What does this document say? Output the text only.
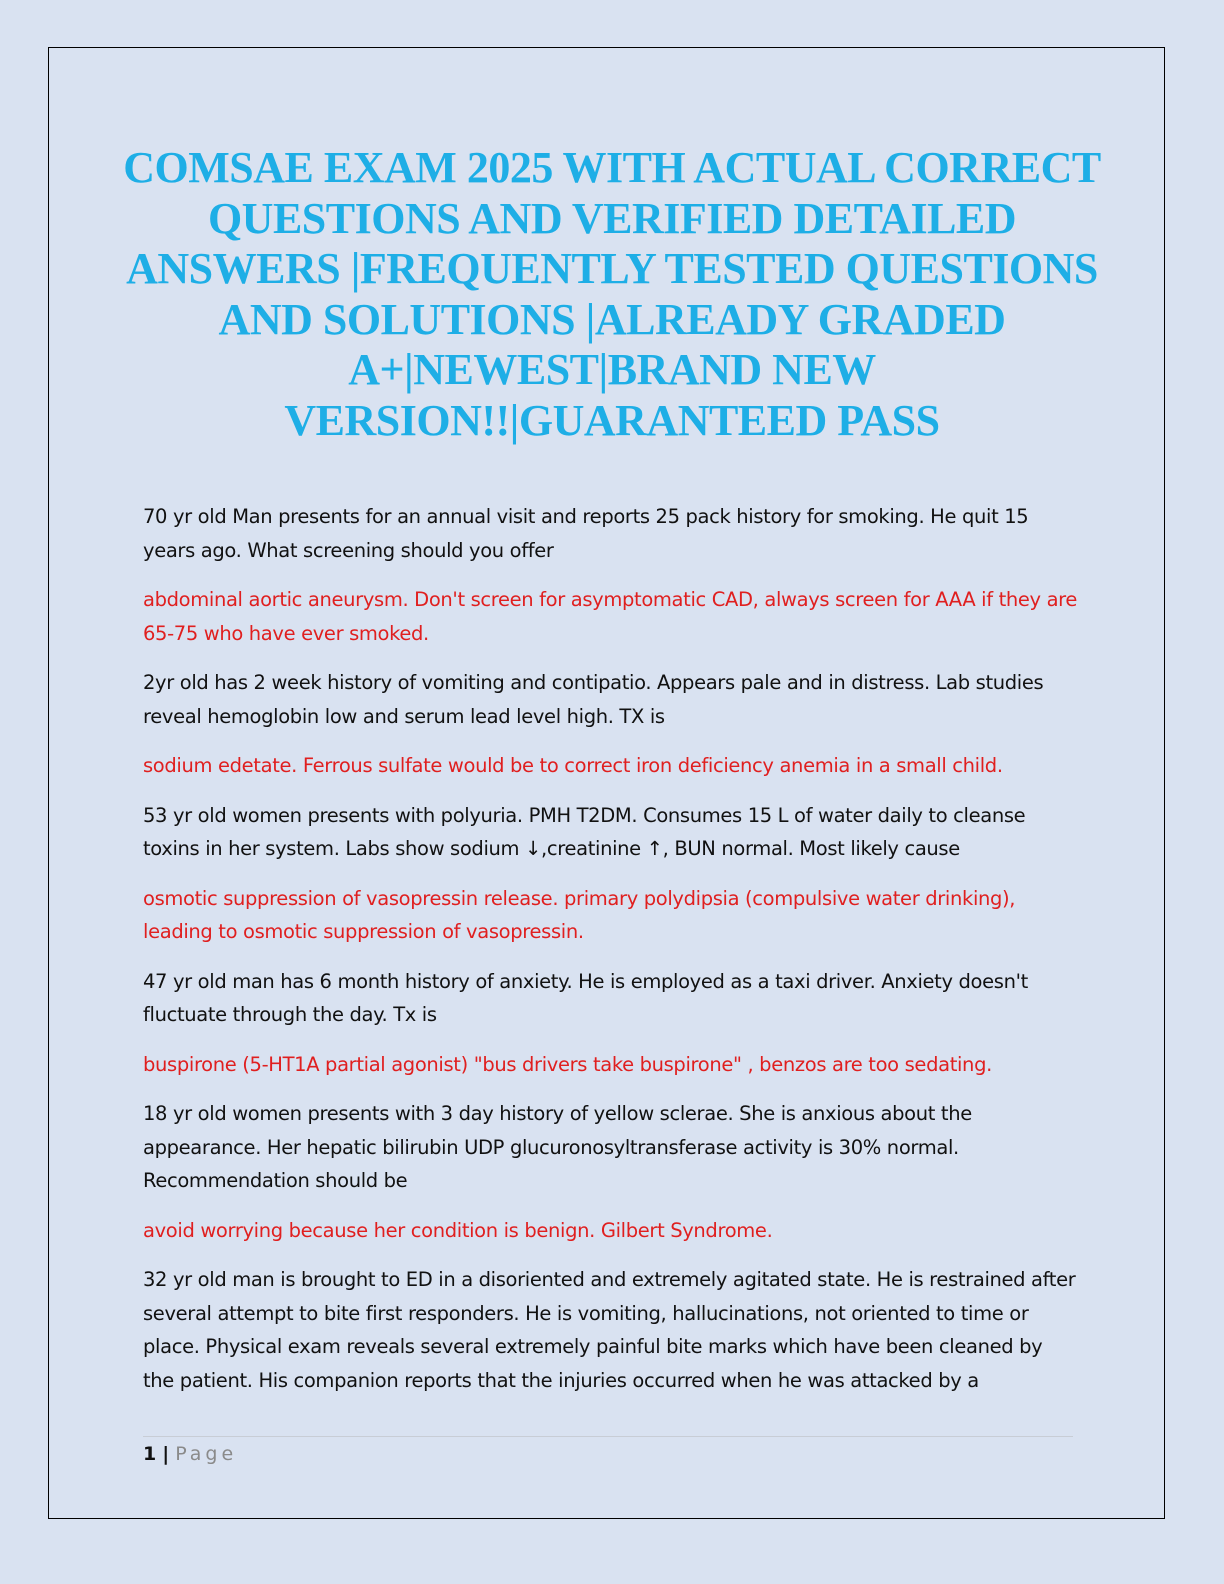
COMSAE EXAM 2025 WITH ACTUAL CORRECT QUESTIONS AND VERIFIED DETAILED ANSWERS |FREQUENTLY TESTED QUESTIONS AND SOLUTIONS |ALREADY GRADED A+|NEWEST|BRAND NEW VERSION!!|GUARANTEED PASS

70 yr old Man presents for an annual visit and reports 25 pack history for smoking. He quit 15 years ago. What screening should you offer

abdominal aortic aneurysm. Don't screen for asymptomatic CAD, always screen for AAA if they are 65-75 who have ever smoked.

2yr old has 2 week history of vomiting and contipatio. Appears pale and in distress. Lab studies reveal hemoglobin low and serum lead level high. TX is

sodium edetate. Ferrous sulfate would be to correct iron deficiency anemia in a small child.

53 yr old women presents with polyuria. PMH T2DM. Consumes 15 L of water daily to cleanse toxins in her system. Labs show sodium ↓,creatinine ↑, BUN normal. Most likely cause

osmotic suppression of vasopressin release. primary polydipsia (compulsive water drinking), leading to osmotic suppression of vasopressin.

47 yr old man has 6 month history of anxiety. He is employed as a taxi driver. Anxiety doesn't fluctuate through the day. Tx is

buspirone (5-HT1A partial agonist) "bus drivers take buspirone" , benzos are too sedating.

18 yr old women presents with 3 day history of yellow sclerae. She is anxious about the appearance. Her hepatic bilirubin UDP glucuronosyltransferase activity is 30% normal. Recommendation should be

avoid worrying because her condition is benign. Gilbert Syndrome.

32 yr old man is brought to ED in a disoriented and extremely agitated state. He is restrained after several attempt to bite first responders. He is vomiting, hallucinations, not oriented to time or place. Physical exam reveals several extremely painful bite marks which have been cleaned by the patient. His companion reports that the injuries occurred when he was attacked by a

1 | Page
